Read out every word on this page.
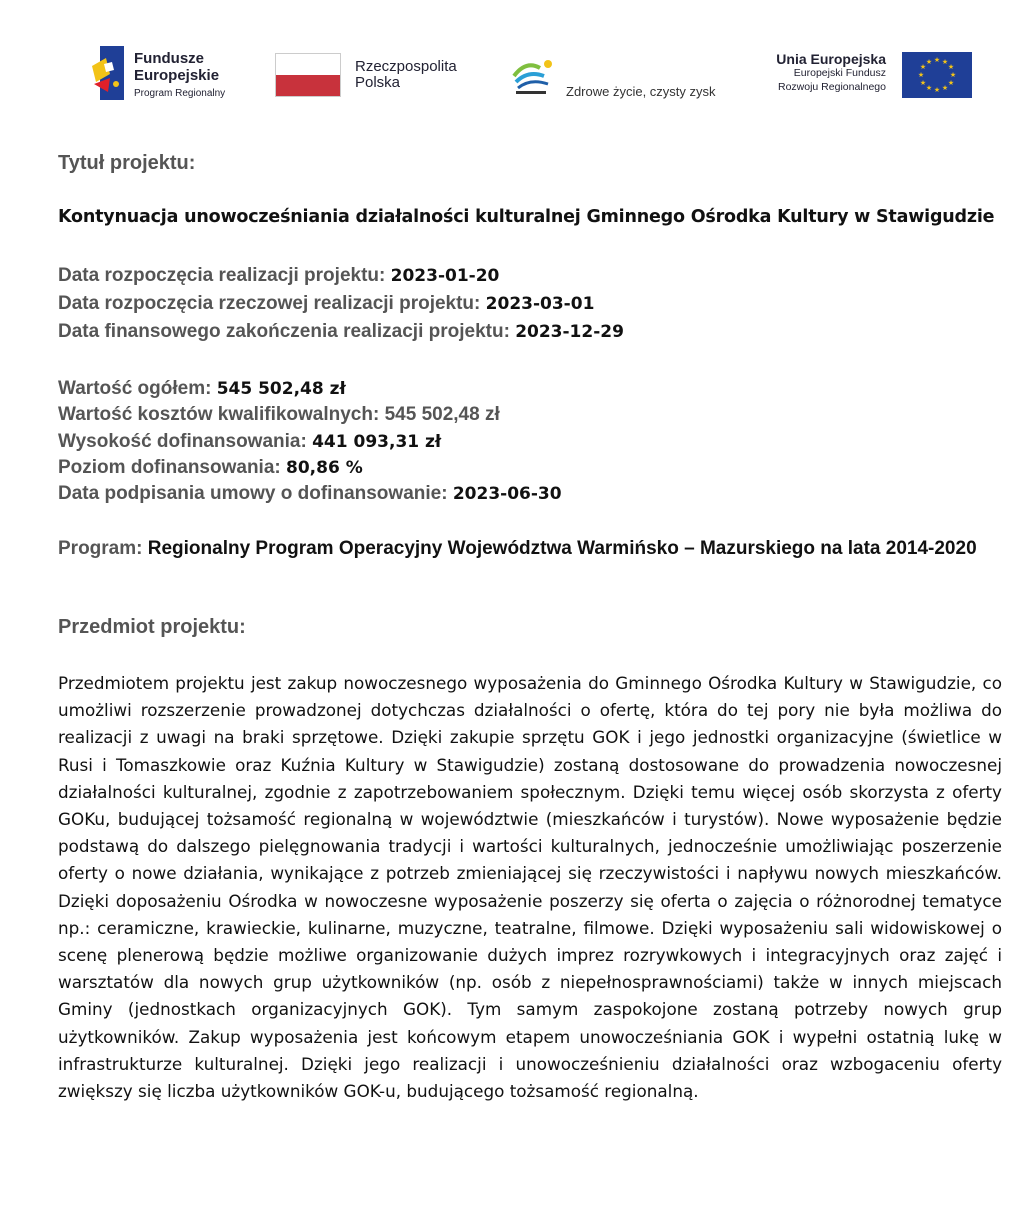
Fundusze
Europejskie
Program Regionalny
Rzeczpospolita
Polska
Zdrowe życie, czysty zysk
Unia Europejska
Europejski Fundusz
Rozwoju Regionalnego
★ ★
★
★
★
★
★
★
★
★
★
★
Tytuł projektu:
Kontynuacja unowocześniania działalności kulturalnej Gminnego Ośrodka Kultury w Stawigudzie
Data rozpoczęcia realizacji projektu: 2023-01-20
Data rozpoczęcia rzeczowej realizacji projektu: 2023-03-01
Data finansowego zakończenia realizacji projektu: 2023-12-29
Wartość ogółem: 545 502,48 zł
Wartość kosztów kwalifikowalnych: 545 502,48 zł
Wysokość dofinansowania: 441 093,31 zł
Poziom dofinansowania: 80,86 %
Data podpisania umowy o dofinansowanie: 2023-06-30
Program: Regionalny Program Operacyjny Województwa Warmińsko – Mazurskiego na lata 2014-2020
Przedmiot projektu:

Przedmiotem projektu jest zakup nowoczesnego wyposażenia do Gminnego Ośrodka Kultury w Stawigudzie, co umożliwi rozszerzenie prowadzonej dotychczas działalności o ofertę, która do tej pory nie była możliwa do realizacji z uwagi na braki sprzętowe. Dzięki zakupie sprzętu GOK i jego jednostki organizacyjne (świetlice w Rusi i Tomaszkowie oraz Kuźnia Kultury w Stawigudzie) zostaną dostosowane do prowadzenia nowoczesnej działalności kulturalnej, zgodnie z zapotrzebowaniem społecznym. Dzięki temu więcej osób skorzysta z oferty GOKu, budującej tożsamość regionalną w województwie (mieszkańców i turystów). Nowe wyposażenie będzie podstawą do dalszego pielęgnowania tradycji i wartości kulturalnych, jednocześnie umożliwiając poszerzenie oferty o nowe działania, wynikające z potrzeb zmieniającej się rzeczywistości i napływu nowych mieszkańców. Dzięki doposażeniu Ośrodka w nowoczesne wyposażenie poszerzy się oferta o zajęcia o różnorodnej tematyce np.: ceramiczne, krawieckie, kulinarne, muzyczne, teatralne, filmowe. Dzięki wyposażeniu sali widowiskowej o scenę plenerową będzie możliwe organizowanie dużych imprez rozrywkowych i integracyjnych oraz zajęć i warsztatów dla nowych grup użytkowników (np. osób z niepełnosprawnościami) także w innych miejscach Gminy (jednostkach organizacyjnych GOK). Tym samym zaspokojone zostaną potrzeby nowych grup użytkowników. Zakup wyposażenia jest końcowym etapem unowocześniania GOK i wypełni ostatnią lukę w infrastrukturze kulturalnej. Dzięki jego realizacji i unowocześnieniu działalności oraz wzbogaceniu oferty zwiększy się liczba użytkowników GOK-u, budującego tożsamość regionalną.
